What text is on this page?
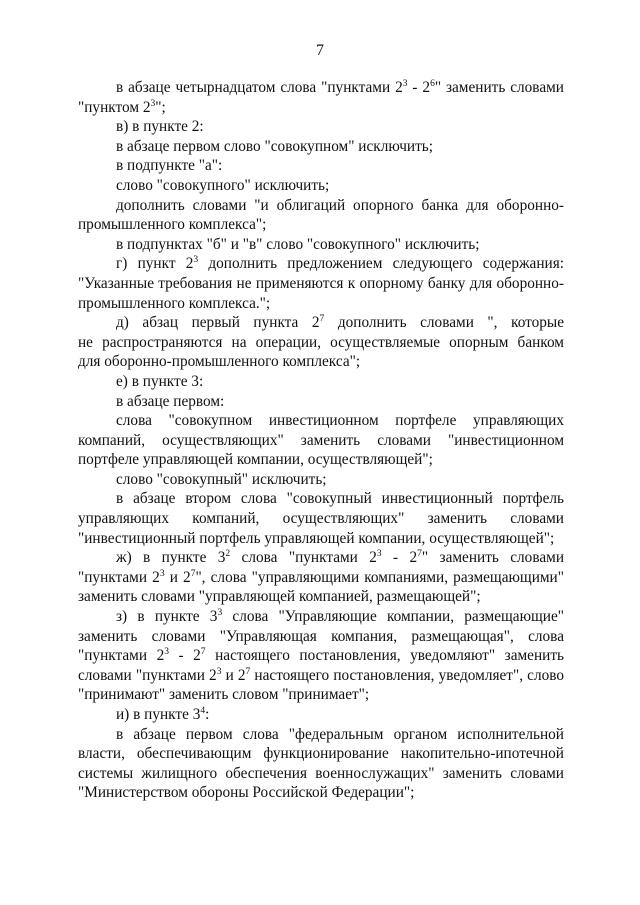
7
в абзаце четырнадцатом слова "пунктами $2^3 - 2^6$" заменить словами
"пунктом $2^3$";
в) в пункте 2:
в абзаце первом слово "совокупном" исключить;
в подпункте "а":
слово "совокупного" исключить;
дополнить словами "и облигаций опорного банка для оборонно-
промышленного комплекса";
в подпунктах "б" и "в" слово "совокупного" исключить;
г) пункт $2^3$ дополнить предложением следующего содержания:
"Указанные требования не применяются к опорному банку для оборонно-
промышленного комплекса.";
д) абзац первый пункта $2^7$ дополнить словами ", которые
не распространяются на операции, осуществляемые опорным банком
для оборонно-промышленного комплекса";
е) в пункте 3:
в абзаце первом:
слова "совокупном инвестиционном портфеле управляющих
компаний, осуществляющих" заменить словами "инвестиционном
портфеле управляющей компании, осуществляющей";
слово "совокупный" исключить;
в абзаце втором слова "совокупный инвестиционный портфель
управляющих компаний, осуществляющих" заменить словами
"инвестиционный портфель управляющей компании, осуществляющей";
ж) в пункте $3^2$ слова "пунктами $2^3 - 2^7$" заменить словами
"пунктами $2^3$ и $2^7$", слова "управляющими компаниями, размещающими"
заменить словами "управляющей компанией, размещающей";
з) в пункте $3^3$ слова "Управляющие компании, размещающие"
заменить словами "Управляющая компания, размещающая", слова
"пунктами $2^3 - 2^7$ настоящего постановления, уведомляют" заменить
словами "пунктами $2^3$ и $2^7$ настоящего постановления, уведомляет", слово
"принимают" заменить словом "принимает";
и) в пункте $3^4$:
в абзаце первом слова "федеральным органом исполнительной
власти, обеспечивающим функционирование накопительно-ипотечной
системы жилищного обеспечения военнослужащих" заменить словами
"Министерством обороны Российской Федерации";
